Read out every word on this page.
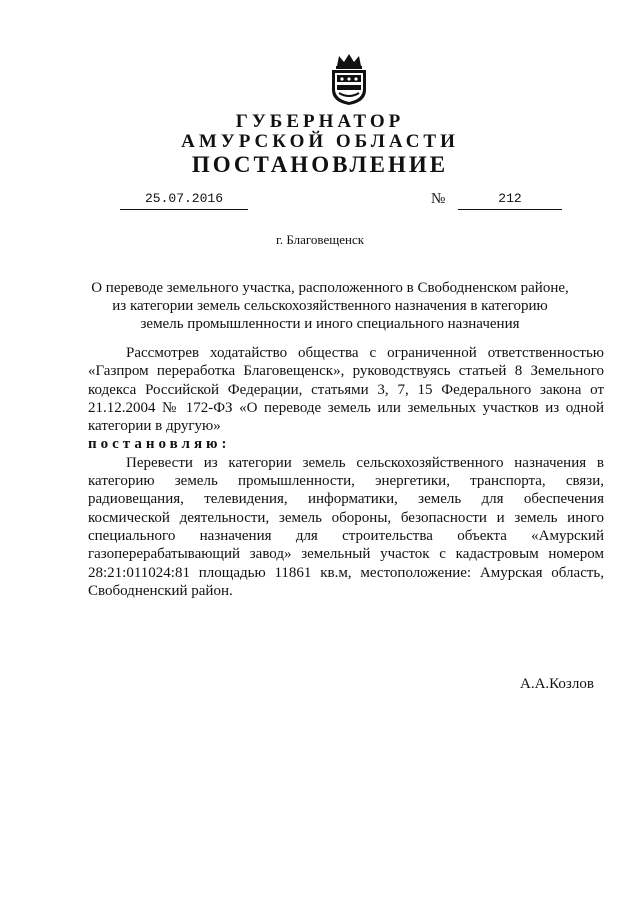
ГУБЕРНАТОР
АМУРСКОЙ ОБЛАСТИ
ПОСТАНОВЛЕНИЕ
25.07.2016	№	212
г. Благовещенск
О переводе земельного участка, расположенного в Свободненском районе, из категории земель сельскохозяйственного назначения в категорию земель промышленности и иного специального назначения

Рассмотрев ходатайство общества с ограниченной ответственностью «Газпром переработка Благовещенск», руководствуясь статьей 8 Земельного кодекса Российской Федерации, статьями 3, 7, 15 Федерального закона от 21.12.2004 № 172-ФЗ «О переводе земель или земельных участков из одной категории в другую»

постановляю:

Перевести из категории земель сельскохозяйственного назначения в категорию земель промышленности, энергетики, транспорта, связи, радиовещания, телевидения, информатики, земель для обеспечения космической деятельности, земель обороны, безопасности и земель иного специального назначения для строительства объекта «Амурский газоперерабатывающий завод» земельный участок с кадастровым номером 28:21:011024:81 площадью 11861 кв.м, местоположение: Амурская область, Свободненский район.

А.А.Козлов
